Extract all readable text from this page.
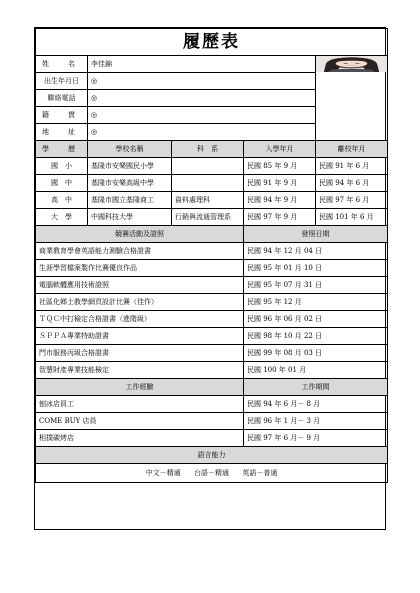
履歷表				
姓　名	李佳錦	

出生年月日	◎			
聯絡電話	◎			
籍　貫	◎			
地　址	◎			
學　歷	學校名稱	科　系	入學年月	離校年月
國　小	基隆市安樂國民小學		民國 85 年 9 月	民國 91 年 6 月
國　中	基隆市安樂高級中學		民國 91 年 9 月	民國 94 年 6 月
高　中	基隆市國立基隆商工	資料處理科	民國 94 年 9 月	民國 97 年 6 月
大　學	中國科技大學	行銷與流通管理系	民國 97 年 9 月	民國 101 年 6 月
競賽活動及證照			發照日期	
商業教育學會英語能力測驗合格證書			民國 94 年 12 月 04 日	
生涯學習檔案製作比賽優良作品			民國 95 年 01 月 10 日	
電腦軟體應用技術證照			民國 95 年 07 月 31 日	
社區化鄉土教學網頁設計比賽（佳作）			民國 95 年 12 月	
ＴＱＣ中打檢定合格證書（進階級）			民國 96 年 06 月 02 日	
ＳＰＰＡ專業特助證書			民國 98 年 10 月 22 日	
門市服務丙級合格證書			民國 99 年 08 月 03 日	
智慧財產專業技能檢定			民國 100 年 01 月	
工作經驗			工作期間	
刨冰店員工			民國 94 年 6 月－ 8 月	
COME BUY 店員			民國 96 年 1 月－ 3 月	
相撲碳烤店			民國 97 年 6 月－ 9 月	
語言能力				
中文－精通 台語－精通 英語－普通				
